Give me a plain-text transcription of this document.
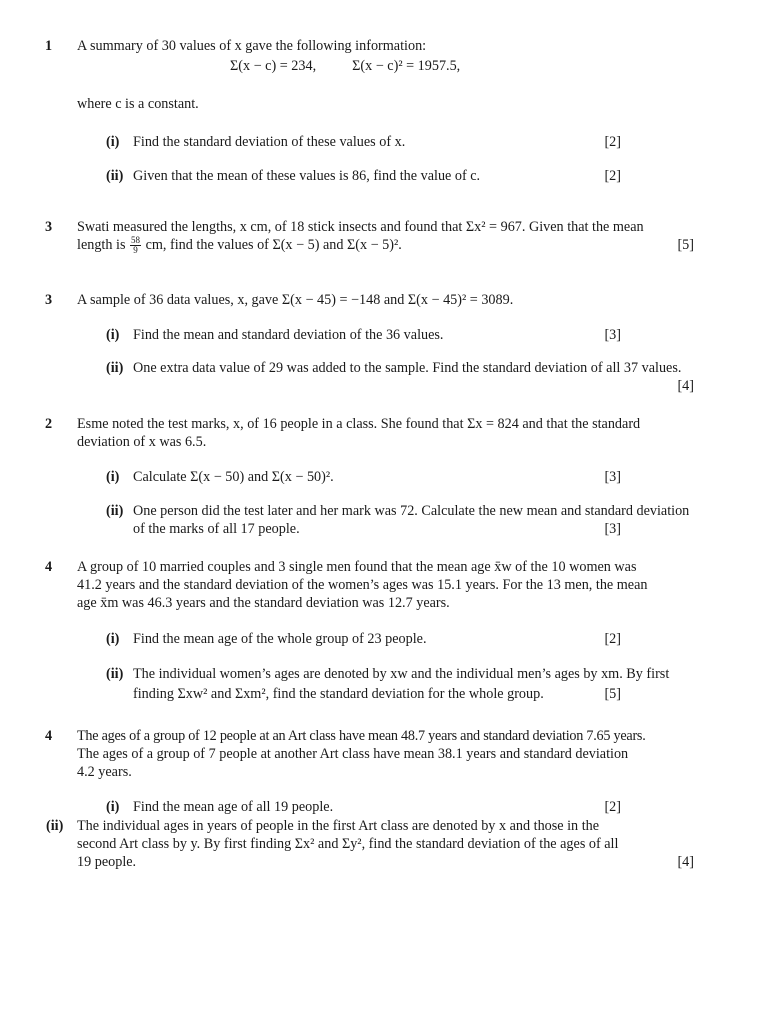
1	A summary of 30 values of x gave the following information:
Σ(x − c) = 234,	Σ(x − c)² = 1957.5,
where c is a constant.
(i) Find the standard deviation of these values of x.	[2]
(ii) Given that the mean of these values is 86, find the value of c.	[2]
3	Swati measured the lengths, x cm, of 18 stick insects and found that Σx² = 967. Given that the mean
length is $\frac{58}{9}$ cm, find the values of Σ(x − 5) and Σ(x − 5)².	[5]
3	A sample of 36 data values, x, gave Σ(x − 45) = −148 and Σ(x − 45)² = 3089.
(i) Find the mean and standard deviation of the 36 values.	[3]
(ii) One extra data value of 29 was added to the sample. Find the standard deviation of all 37 values.
[4]
2	Esme noted the test marks, x, of 16 people in a class. She found that Σx = 824 and that the standard
deviation of x was 6.5.
(i) Calculate Σ(x − 50) and Σ(x − 50)².	[3]
(ii) One person did the test later and her mark was 72. Calculate the new mean and standard deviation
of the marks of all 17 people.	[3]
4	A group of 10 married couples and 3 single men found that the mean age x̄w of the 10 women was
41.2 years and the standard deviation of the women’s ages was 15.1 years. For the 13 men, the mean
age x̄m was 46.3 years and the standard deviation was 12.7 years.
(i) Find the mean age of the whole group of 23 people.	[2]
(ii) The individual women’s ages are denoted by xw and the individual men’s ages by xm. By first
finding Σxw² and Σxm², find the standard deviation for the whole group.	[5]
4	The ages of a group of 12 people at an Art class have mean 48.7 years and standard deviation 7.65 years.
The ages of a group of 7 people at another Art class have mean 38.1 years and standard deviation
4.2 years.
(i) Find the mean age of all 19 people.	[2]
(ii) The individual ages in years of people in the first Art class are denoted by x and those in the
second Art class by y. By first finding Σx² and Σy², find the standard deviation of the ages of all
19 people.	[4]
